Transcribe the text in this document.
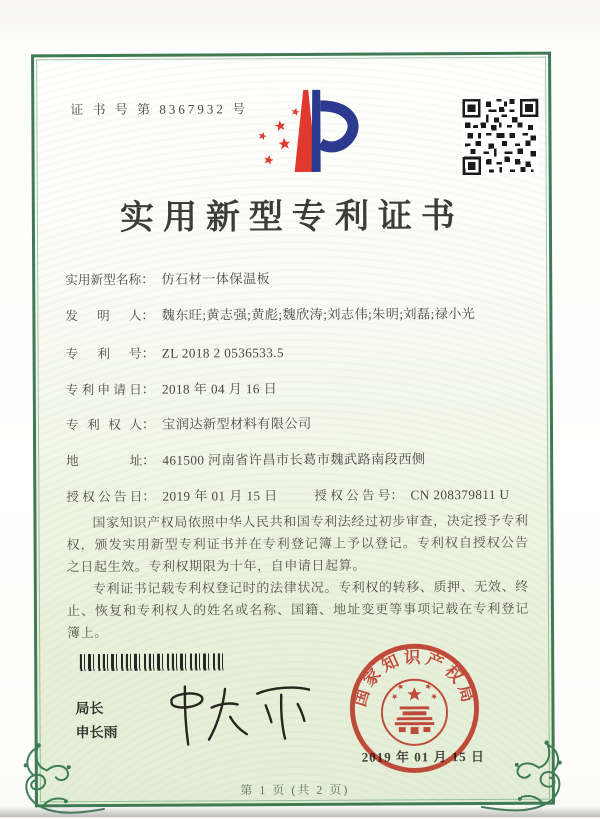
证 书 号 第 8367932 号
实用新型专利证书
实用新型名称： 仿石材一体保温板
发明人： 魏东旺;黄志强;黄彪;魏欣涛;刘志伟;朱明;刘磊;禄小光
专利号： ZL 2018 2 0536533.5
专利申请日： 2018 年 04 月 16 日
专利权人： 宝润达新型材料有限公司
地址： 461500 河南省许昌市长葛市魏武路南段西侧
授权公告日： 2019 年 01 月 15 日	授权公告号： CN 208379811 U

国家知识产权局依照中华人民共和国专利法经过初步审查，决定授予专利权，颁发实用新型专利证书并在专利登记簿上予以登记。专利权自授权公告之日起生效。专利权期限为十年，自申请日起算。

专利证书记载专利权登记时的法律状况。专利权的转移、质押、无效、终止、恢复和专利权人的姓名或名称、国籍、地址变更等事项记载在专利登记簿上。

局长
申长雨
2019 年 01 月 15 日
国家知识产权局
第 1 页 (共 2 页)
